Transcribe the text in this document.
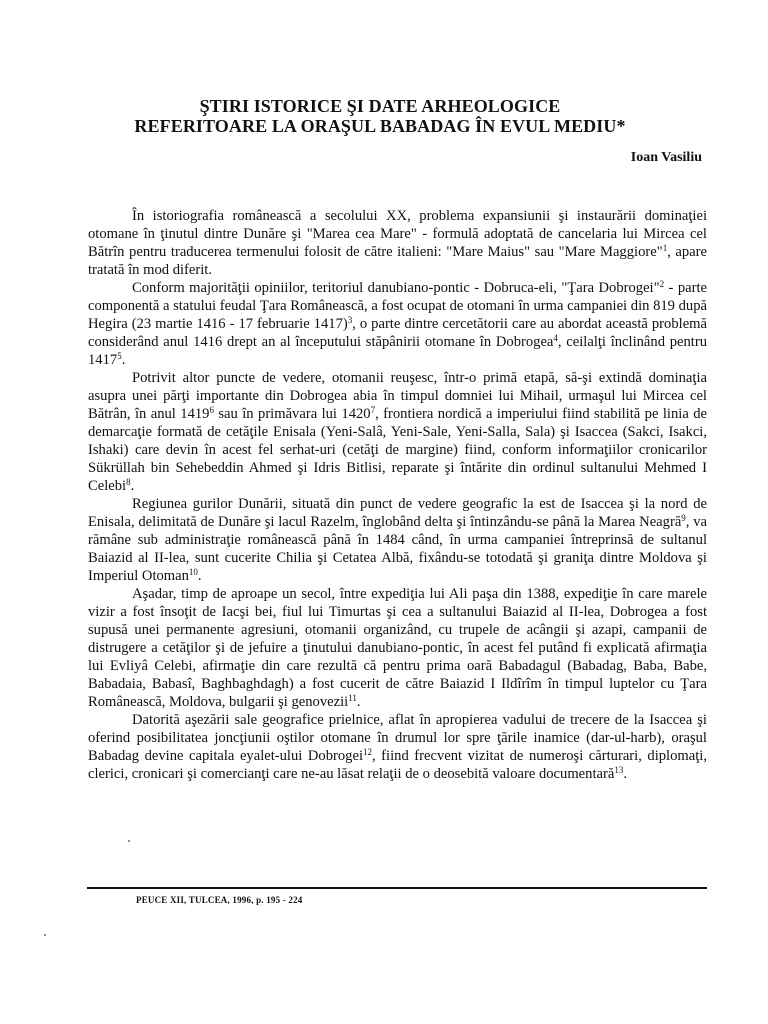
ŞTIRI ISTORICE ŞI DATE ARHEOLOGICE
REFERITOARE LA ORAŞUL BABADAG ÎN EVUL MEDIU*
Ioan Vasiliu

În istoriografia românească a secolului XX, problema expansiunii şi instaurării dominaţiei otomane în ţinutul dintre Dunăre şi "Marea cea Mare" - formulă adoptată de cancelaria lui Mircea cel Bătrîn pentru traducerea termenului folosit de către italieni: "Mare Maius" sau "Mare Maggiore"$^1$, apare tratată în mod diferit.

Conform majorităţii opiniilor, teritoriul danubiano-pontic - Dobruca-eli, "Ţara Dobrogei"$^2$ - parte componentă a statului feudal Ţara Românească, a fost ocupat de otomani în urma campaniei din 819 după Hegira (23 martie 1416 - 17 februarie 1417)$^3$, o parte dintre cercetătorii care au abordat această problemă considerând anul 1416 drept an al începutului stăpânirii otomane în Dobrogea$^4$, ceilalţi înclinând pentru 1417$^5$.

Potrivit altor puncte de vedere, otomanii reuşesc, într-o primă etapă, să-şi extindă dominaţia asupra unei părţi importante din Dobrogea abia în timpul domniei lui Mihail, urmaşul lui Mircea cel Bătrân, în anul 1419$^6$ sau în primăvara lui 1420$^7$, frontiera nordică a imperiului fiind stabilită pe linia de demarcaţie formată de cetăţile Enisala (Yeni-Salâ, Yeni-Sale, Yeni-Salla, Sala) şi Isaccea (Sakci, Isakci, Ishaki) care devin în acest fel serhat-uri (cetăţi de margine) fiind, conform informaţiilor cronicarilor Sükrüllah bin Sehebeddin Ahmed şi Idris Bitlisi, reparate şi întărite din ordinul sultanului Mehmed I Celebi$^8$.

Regiunea gurilor Dunării, situată din punct de vedere geografic la est de Isaccea şi la nord de Enisala, delimitată de Dunăre şi lacul Razelm, înglobând delta şi întinzându-se până la Marea Neagră$^9$, va rămâne sub administraţie românească până în 1484 când, în urma campaniei întreprinsă de sultanul Baiazid al II-lea, sunt cucerite Chilia şi Cetatea Albă, fixându-se totodată şi graniţa dintre Moldova şi Imperiul Otoman$^{10}$.

Aşadar, timp de aproape un secol, între expediţia lui Ali paşa din 1388, expediţie în care marele vizir a fost însoţit de Iacşi bei, fiul lui Timurtas şi cea a sultanului Baiazid al II-lea, Dobrogea a fost supusă unei permanente agresiuni, otomanii organizând, cu trupele de acângii şi azapi, campanii de distrugere a cetăţilor şi de jefuire a ţinutului danubiano-pontic, în acest fel putând fi explicată afirmaţia lui Evliyâ Celebi, afirmaţie din care rezultă că pentru prima oară Babadagul (Babadag, Baba, Babe, Babadaia, Babasî, Baghbaghdagh) a fost cucerit de către Baiazid I Ildîrîm în timpul luptelor cu Ţara Românească, Moldova, bulgarii şi genovezii$^{11}$.

Datorită aşezării sale geografice prielnice, aflat în apropierea vadului de trecere de la Isaccea şi oferind posibilitatea joncţiunii oştilor otomane în drumul lor spre ţările inamice (dar-ul-harb), oraşul Babadag devine capitala eyalet-ului Dobrogei$^{12}$, fiind frecvent vizitat de numeroşi cărturari, diplomaţi, clerici, cronicari şi comercianţi care ne-au lăsat relaţii de o deosebită valoare documentară$^{13}$.

PEUCE XII, TULCEA, 1996, p. 195 - 224
